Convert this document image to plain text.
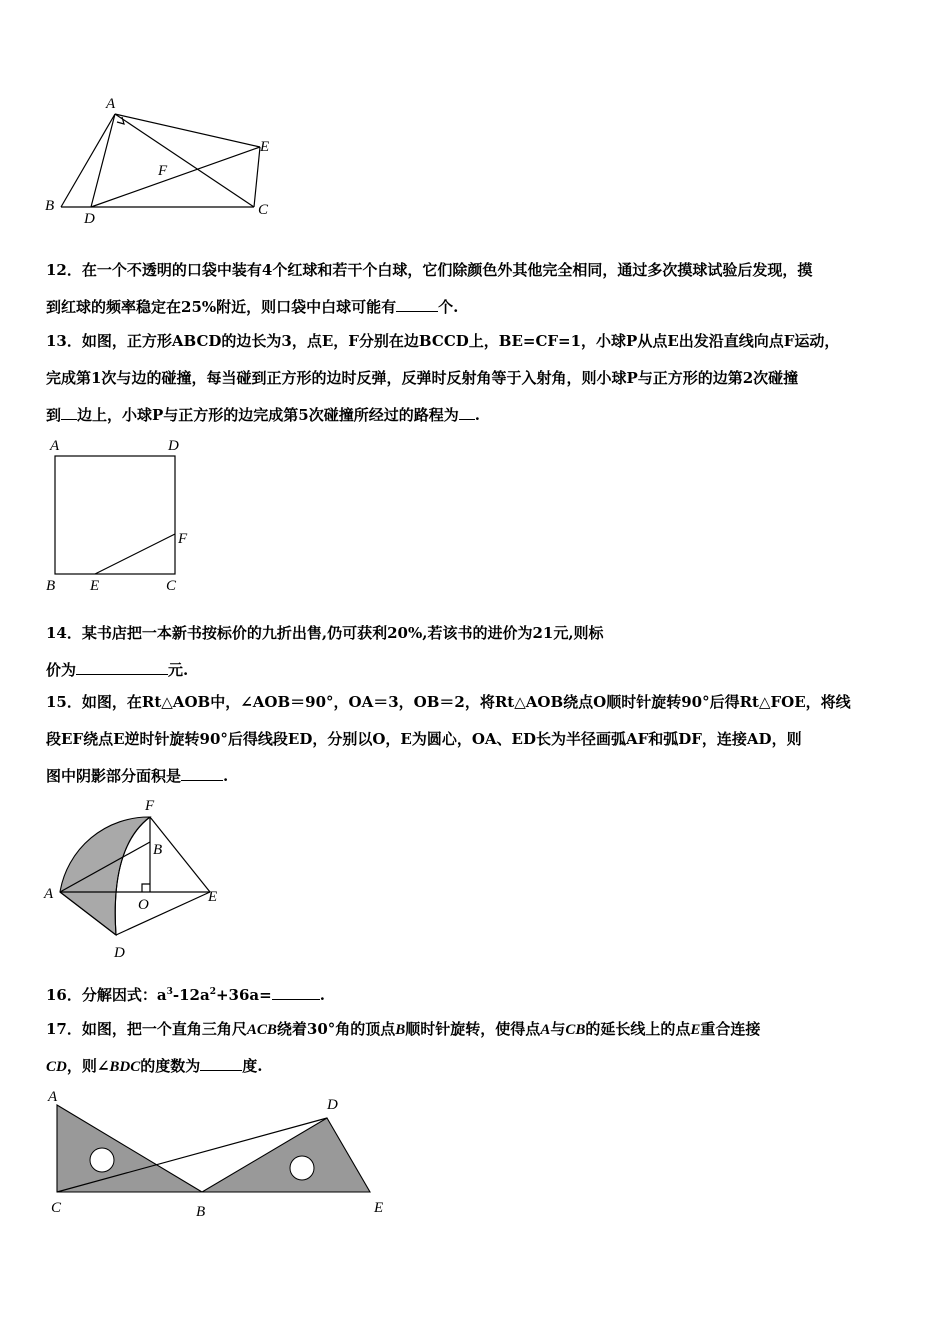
A
B
D
C
E
F
12．在一个不透明的口袋中装有4个红球和若干个白球，它们除颜色外其他完全相同，通过多次摸球试验后发现，摸
到红球的频率稳定在25%附近，则口袋中白球可能有	个.
13．如图，正方形ABCD的边长为3，点E，F分别在边BCCD上，BE=CF=1，小球P从点E出发沿直线向点F运动，
完成第1次与边的碰撞，每当碰到正方形的边时反弹，反弹时反射角等于入射角，则小球P与正方形的边第2次碰撞
到 边上，小球P与正方形的边完成第5次碰撞所经过的路程为 .
A	D
F
B E	C
14．某书店把一本新书按标价的九折出售,仍可获利20%,若该书的进价为21元,则标
价为	元.
15．如图，在Rt△AOB中，∠AOB＝90°，OA＝3，OB＝2，将Rt△AOB绕点O顺时针旋转90°后得Rt△FOE，将线
段EF绕点E逆时针旋转90°后得线段ED，分别以O，E为圆心，OA、ED长为半径画弧AF和弧DF，连接AD，则
图中阴影部分面积是	.
F
B
A
O	E
D
16．分解因式：$a^3-12a^2+36a=$	.
17．如图，把一个直角三角尺ACB绕着30°角的顶点B顺时针旋转，使得点A与CB的延长线上的点E重合连接
CD，则∠BDC的度数为	度.
A	D
C	B	E
